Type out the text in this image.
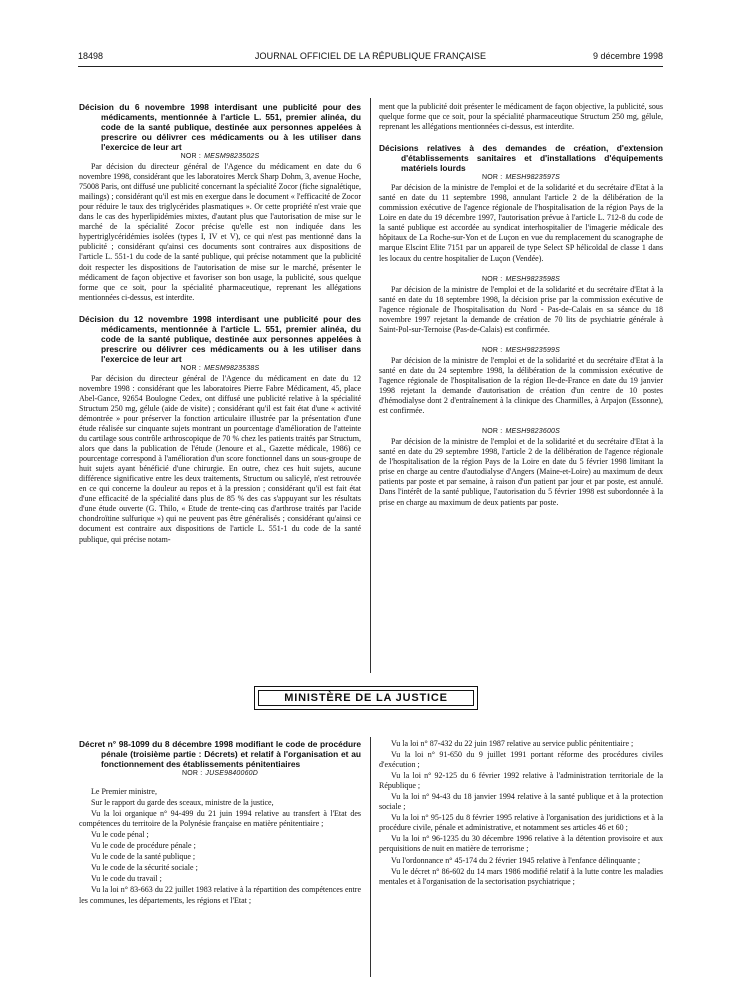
18498	JOURNAL OFFICIEL DE LA RÉPUBLIQUE FRANÇAISE	9 décembre 1998

Décision du 6 novembre 1998 interdisant une publicité pour des médicaments, mentionnée à l'article L. 551, premier alinéa, du code de la santé publique, destinée aux personnes appelées à prescrire ou délivrer ces médicaments ou à les utiliser dans l'exercice de leur art

NOR : MESM9823502S

Par décision du directeur général de l'Agence du médicament en date du 6 novembre 1998, considérant que les laboratoires Merck Sharp Dohm, 3, avenue Hoche, 75008 Paris, ont diffusé une publicité concernant la spécialité Zocor (fiche signalétique, mailings) ; considérant qu'il est mis en exergue dans le document « l'efficacité de Zocor pour réduire le taux des triglycérides plasmatiques ». Or cette propriété n'est vraie que dans le cas des hyperlipidémies mixtes, d'autant plus que l'autorisation de mise sur le marché de la spécialité Zocor précise qu'elle est non indiquée dans les hypertriglycéridémies isolées (types I, IV et V), ce qui n'est pas mentionné dans la publicité ; considérant qu'ainsi ces documents sont contraires aux dispositions de l'article L. 551-1 du code de la santé publique, qui précise notamment que la publicité doit respecter les dispositions de l'autorisation de mise sur le marché, présenter le médicament de façon objective et favoriser son bon usage, la publicité, sous quelque forme que ce soit, pour la spécialité pharmaceutique, reprenant les allégations mentionnées ci-dessus, est interdite.

Décision du 12 novembre 1998 interdisant une publicité pour des médicaments, mentionnée à l'article L. 551, premier alinéa, du code de la santé publique, destinée aux personnes appelées à prescrire ou délivrer ces médicaments ou à les utiliser dans l'exercice de leur art

NOR : MESM9823538S

Par décision du directeur général de l'Agence du médicament en date du 12 novembre 1998 : considérant que les laboratoires Pierre Fabre Médicament, 45, place Abel-Gance, 92654 Boulogne Cedex, ont diffusé une publicité relative à la spécialité Structum 250 mg, gélule (aide de visite) ; considérant qu'il est fait état d'une « activité démontrée » pour préserver la fonction articulaire illustrée par la présentation d'une étude réalisée sur cinquante sujets montrant un pourcentage d'amélioration de l'atteinte du cartilage sous contrôle arthroscopique de 70 % chez les patients traités par Structum, alors que dans la publication de l'étude (Jenoure et al., Gazette médicale, 1986) ce pourcentage correspond à l'amélioration d'un score fonctionnel dans un sous-groupe de huit sujets ayant bénéficié d'une chirurgie. En outre, chez ces huit sujets, aucune différence significative entre les deux traitements, Structum ou salicylé, n'est retrouvée en ce qui concerne la douleur au repos et à la pression ; considérant qu'il est fait état d'une efficacité de la spécialité dans plus de 85 % des cas s'appuyant sur les résultats d'une étude ouverte (G. Thilo, « Etude de trente-cinq cas d'arthrose traités par l'acide chondroïtine sulfurique ») qui ne peuvent pas être généralisés ; considérant qu'ainsi ce document est contraire aux dispositions de l'article L. 551-1 du code de la santé publique, qui précise notam-

ment que la publicité doit présenter le médicament de façon objective, la publicité, sous quelque forme que ce soit, pour la spécialité pharmaceutique Structum 250 mg, gélule, reprenant les allégations mentionnées ci-dessus, est interdite.

Décisions relatives à des demandes de création, d'extension d'établissements sanitaires et d'installations d'équipements matériels lourds

NOR : MESH9823597S

Par décision de la ministre de l'emploi et de la solidarité et du secrétaire d'Etat à la santé en date du 11 septembre 1998, annulant l'article 2 de la délibération de la commission exécutive de l'agence régionale de l'hospitalisation de la région Pays de la Loire en date du 19 décembre 1997, l'autorisation prévue à l'article L. 712-8 du code de la santé publique est accordée au syndicat interhospitalier de l'imagerie médicale des hôpitaux de La Roche-sur-Yon et de Luçon en vue du remplacement du scanographe de marque Elscint Elite 7151 par un appareil de type Select SP hélicoïdal de classe 1 dans les locaux du centre hospitalier de Luçon (Vendée).

NOR : MESH9823598S

Par décision de la ministre de l'emploi et de la solidarité et du secrétaire d'Etat à la santé en date du 18 septembre 1998, la décision prise par la commission exécutive de l'agence régionale de l'hospitalisation du Nord - Pas-de-Calais en sa séance du 18 novembre 1997 rejetant la demande de création de 70 lits de psychiatrie générale à Saint-Pol-sur-Ternoise (Pas-de-Calais) est confirmée.

NOR : MESH9823599S

Par décision de la ministre de l'emploi et de la solidarité et du secrétaire d'Etat à la santé en date du 24 septembre 1998, la délibération de la commission exécutive de l'agence régionale de l'hospitalisation de la région Ile-de-France en date du 19 janvier 1998 rejetant la demande d'autorisation de création d'un centre de 10 postes d'hémodialyse dont 2 d'entraînement à la clinique des Charmilles, à Arpajon (Essonne), est confirmée.

NOR : MESH9823600S

Par décision de la ministre de l'emploi et de la solidarité et du secrétaire d'Etat à la santé en date du 29 septembre 1998, l'article 2 de la délibération de l'agence régionale de l'hospitalisation de la région Pays de la Loire en date du 5 février 1998 limitant la prise en charge au centre d'autodialyse d'Angers (Maine-et-Loire) au maximum de deux patients par poste et par semaine, à raison d'un patient par jour et par poste, est annulé. Dans l'intérêt de la santé publique, l'autorisation du 5 février 1998 est subordonnée à la prise en charge au maximum de deux patients par poste.

MINISTÈRE DE LA JUSTICE

Décret n° 98-1099 du 8 décembre 1998 modifiant le code de procédure pénale (troisième partie : Décrets) et relatif à l'organisation et au fonctionnement des établissements pénitentiaires

NOR : JUSE9840060D

Le Premier ministre,

Sur le rapport du garde des sceaux, ministre de la justice,

Vu la loi organique n° 94-499 du 21 juin 1994 relative au transfert à l'Etat des compétences du territoire de la Polynésie française en matière pénitentiaire ;

Vu le code pénal ;

Vu le code de procédure pénale ;

Vu le code de la santé publique ;

Vu le code de la sécurité sociale ;

Vu le code du travail ;

Vu la loi n° 83-663 du 22 juillet 1983 relative à la répartition des compétences entre les communes, les départements, les régions et l'Etat ;

Vu la loi n° 87-432 du 22 juin 1987 relative au service public pénitentiaire ;

Vu la loi n° 91-650 du 9 juillet 1991 portant réforme des procédures civiles d'exécution ;

Vu la loi n° 92-125 du 6 février 1992 relative à l'administration territoriale de la République ;

Vu la loi n° 94-43 du 18 janvier 1994 relative à la santé publique et à la protection sociale ;

Vu la loi n° 95-125 du 8 février 1995 relative à l'organisation des juridictions et à la procédure civile, pénale et administrative, et notamment ses articles 46 et 60 ;

Vu la loi n° 96-1235 du 30 décembre 1996 relative à la détention provisoire et aux perquisitions de nuit en matière de terrorisme ;

Vu l'ordonnance n° 45-174 du 2 février 1945 relative à l'enfance délinquante ;

Vu le décret n° 86-602 du 14 mars 1986 modifié relatif à la lutte contre les maladies mentales et à l'organisation de la sectorisation psychiatrique ;
